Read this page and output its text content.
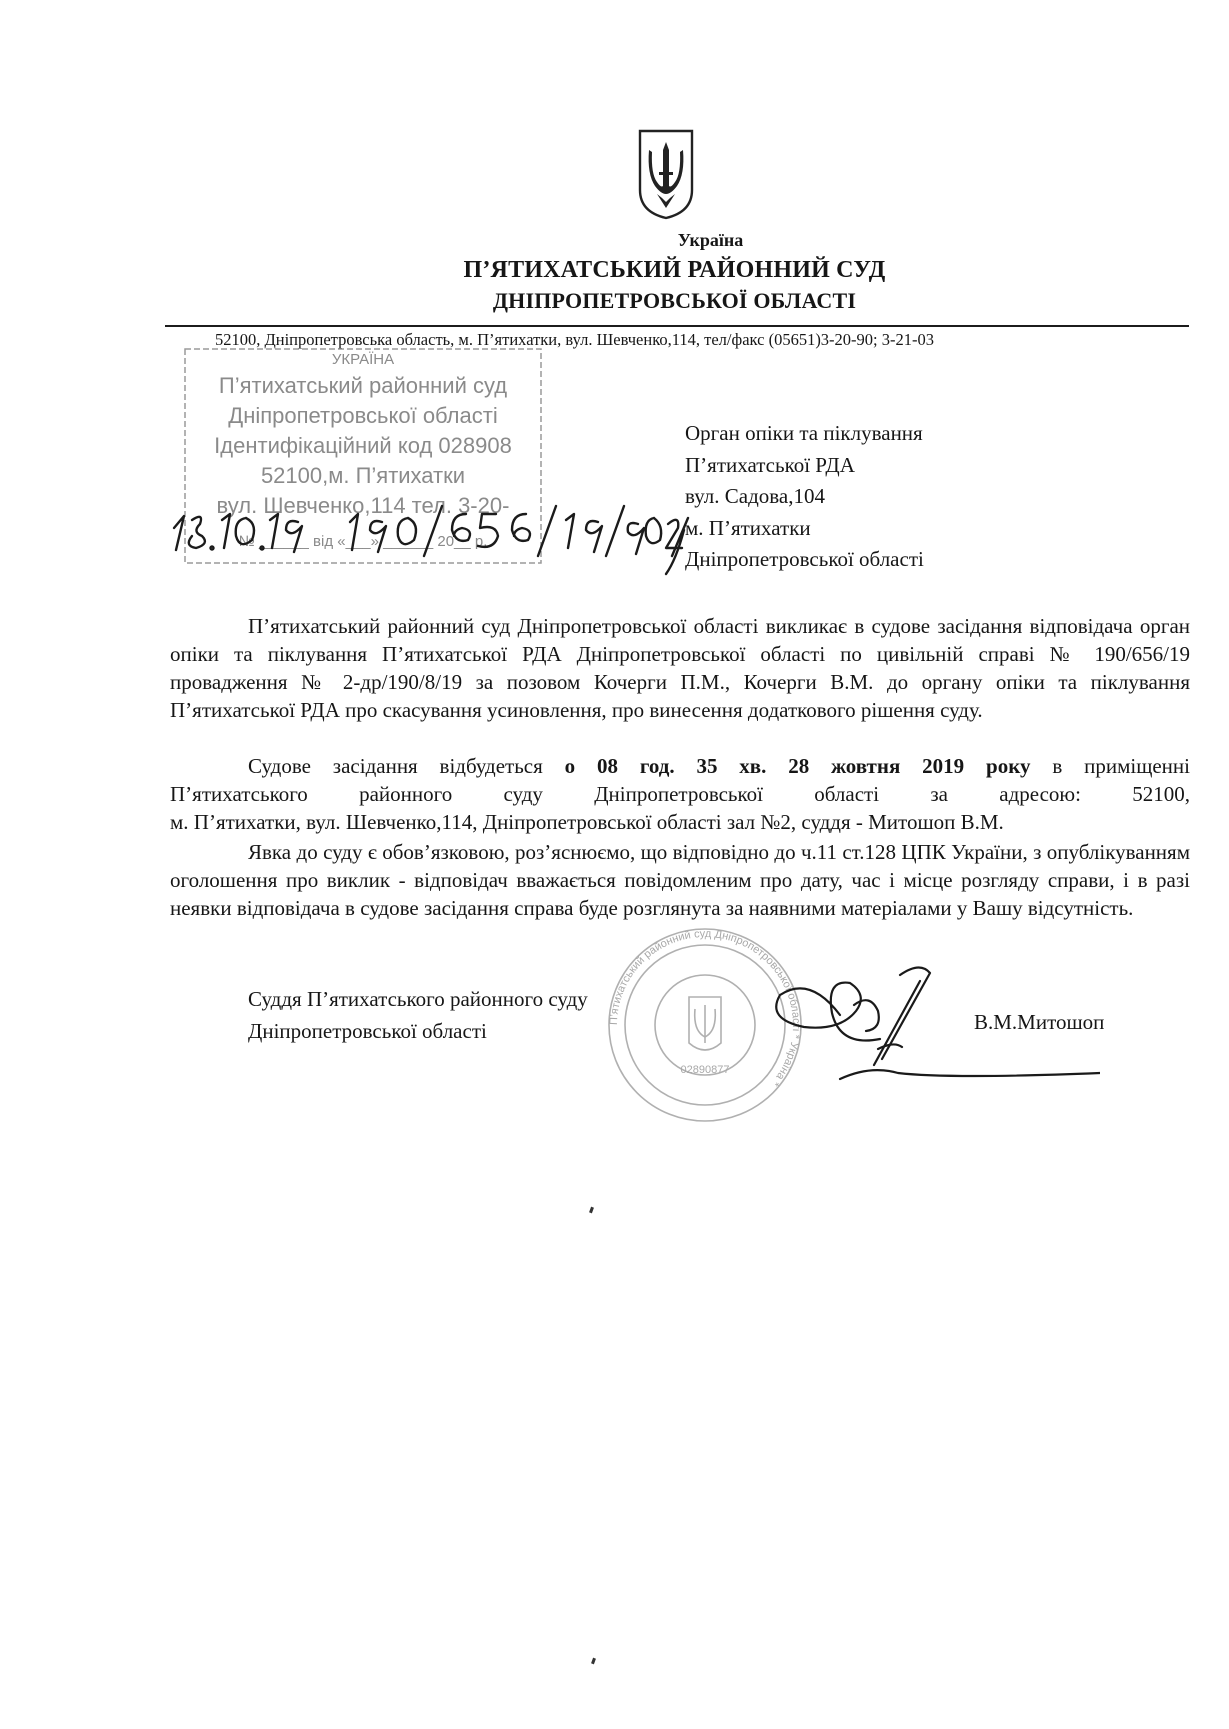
Україна
П’ЯТИХАТСЬКИЙ РАЙОННИЙ СУД
ДНІПРОПЕТРОВСЬКОЇ ОБЛАСТІ
52100, Дніпропетровська область, м. П’ятихатки, вул. Шевченко,114, тел/факс (05651)3-20-90; 3-21-03
УКРАЇНА
П’ятихатський районний суд
Дніпропетровської області
Ідентифікаційний код 028908
52100,м. П’ятихатки
вул. Шевченко,114 тел. 3-20-
№ ______ від «___» ______ 20__ р.
Орган опіки та піклування
П’ятихатської РДА
вул. Садова,104
м. П’ятихатки
Дніпропетровської області

П’ятихатський районний суд Дніпропетровської області викликає в судове засідання відповідача орган опіки та піклування П’ятихатської РДА Дніпропетровської області по цивільній справі № 190/656/19 провадження № 2-др/190/8/19 за позовом Кочерги П.М., Кочерги В.М. до органу опіки та піклування П’ятихатської РДА про скасування усиновлення, про винесення додаткового рішення суду.

Судове засідання відбудеться о 08 год. 35 хв. 28 жовтня 2019 року в приміщенні

П’ятихатського районного суду Дніпропетровської області за адресою: 52100,

м. П’ятихатки, вул. Шевченко,114, Дніпропетровської області зал №2, суддя - Митошоп В.М.

Явка до суду є обов’язковою, роз’яснюємо, що відповідно до ч.11 ст.128 ЦПК України, з опублікуванням оголошення про виклик - відповідач вважається повідомленим про дату, час і місце розгляду справи, і в разі неявки відповідача в судове засідання справа буде розглянута за наявними матеріалами у Вашу відсутність.

П’ятихатський районний суд Дніпропетровської області * Україна *
02890877
Суддя П’ятихатського районного суду
Дніпропетровської області	В.М.Митошоп
